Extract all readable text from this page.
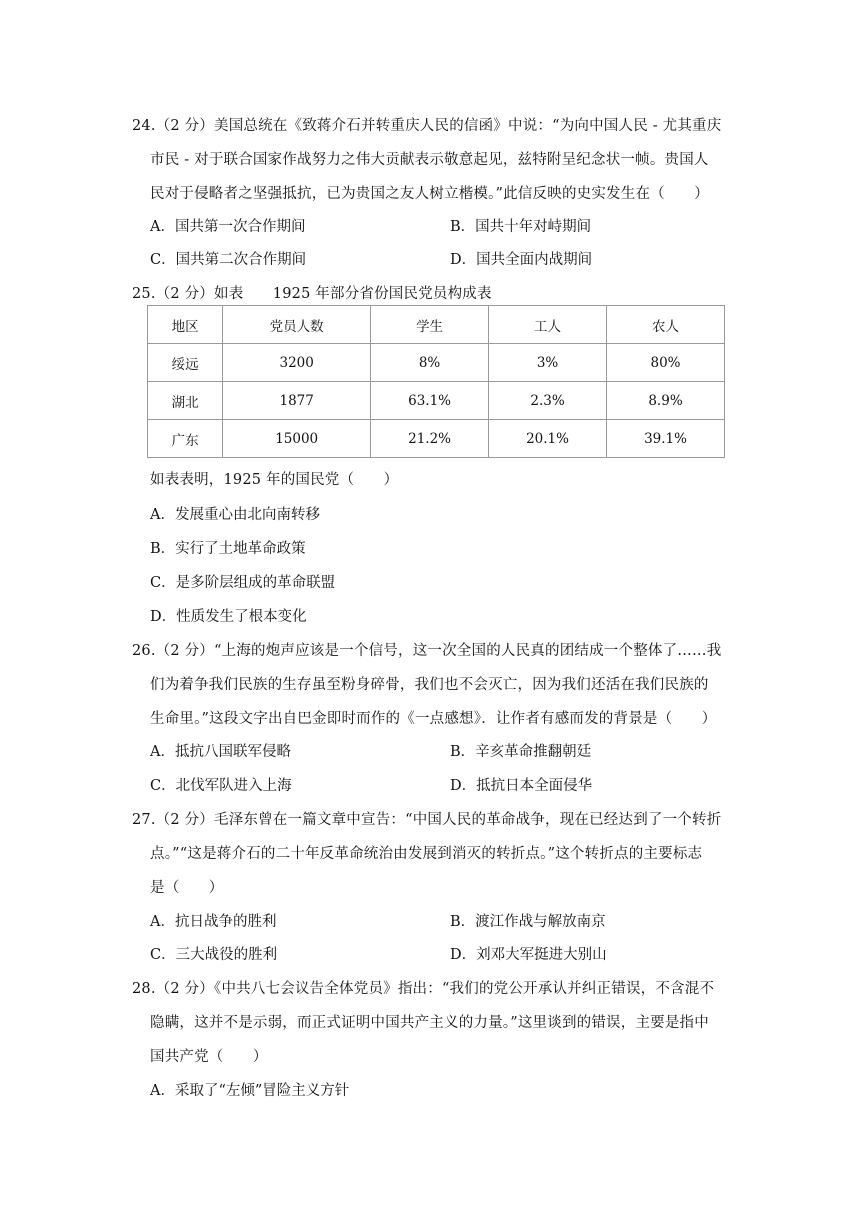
24.（2 分）美国总统在《致蒋介石并转重庆人民的信函》中说：“为向中国人民 - 尤其重庆
市民 - 对于联合国家作战努力之伟大贡献表示敬意起见，兹特附呈纪念状一帧。贵国人
民对于侵略者之坚强抵抗，已为贵国之友人树立楷模。”此信反映的史实发生在（　　）
A．国共第一次合作期间	B．国共十年对峙期间
C．国共第二次合作期间	D．国共全面内战期间
25.（2 分）如表　　1925 年部分省份国民党员构成表
地区	党员人数	学生	工人	农人
绥远	3200	8%	3%	80%
湖北	1877	63.1%	2.3%	8.9%
广东	15000	21.2%	20.1%	39.1%
如表表明，1925 年的国民党（　　）
A．发展重心由北向南转移
B．实行了土地革命政策
C．是多阶层组成的革命联盟
D．性质发生了根本变化
26.（2 分）“上海的炮声应该是一个信号，这一次全国的人民真的团结成一个整体了……我
们为着争我们民族的生存虽至粉身碎骨，我们也不会灭亡，因为我们还活在我们民族的
生命里。”这段文字出自巴金即时而作的《一点感想》．让作者有感而发的背景是（　　）
A．抵抗八国联军侵略	B．辛亥革命推翻朝廷
C．北伐军队进入上海	D．抵抗日本全面侵华
27.（2 分）毛泽东曾在一篇文章中宣告：“中国人民的革命战争，现在已经达到了一个转折
点。”“这是蒋介石的二十年反革命统治由发展到消灭的转折点。”这个转折点的主要标志
是（　　）
A．抗日战争的胜利	B．渡江作战与解放南京
C．三大战役的胜利	D．刘邓大军挺进大别山
28.（2 分）《中共八七会议告全体党员》指出：“我们的党公开承认并纠正错误，不含混不
隐瞒，这并不是示弱，而正式证明中国共产主义的力量。”这里谈到的错误，主要是指中
国共产党（　　）
A．采取了“左倾”冒险主义方针
